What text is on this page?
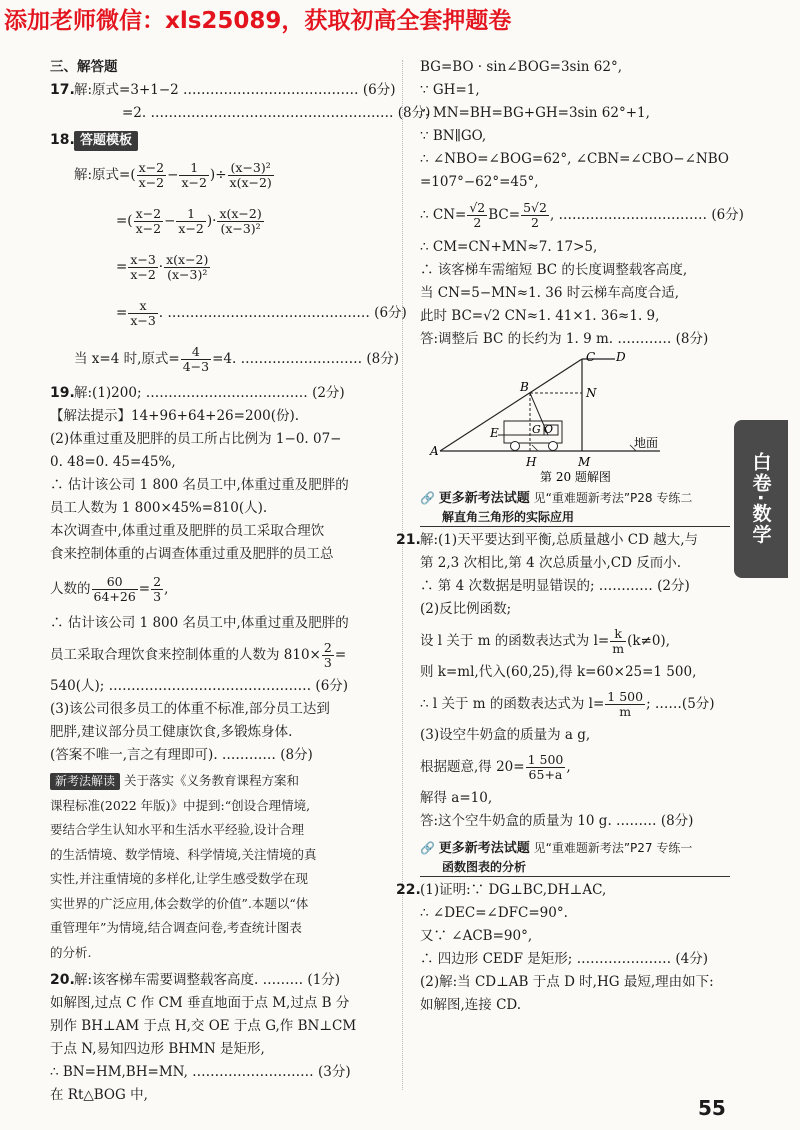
添加老师微信：xls25089，获取初高全套押题卷
三、解答题
17. 解:原式=3+1−2 ………………………………… (6分)
=2. ……………………………………………… (8分)
18. 答题模板
解:原式=( $\frac{x-2}{x-2} - \frac{1}{x-2}$ )÷ $\frac{\text{(x−3)²}}{x(x-2)}$
=( $\frac{x-2}{x-2} - \frac{1}{x-2}$ )· $\frac{x(x-2)}{\text{(x−3)²}}$
= $\frac{x-3}{x-2} \cdot \frac{x(x-2)}{\text{(x−3)²}}$
= $\frac{x}{x-3}$ . ……………………………………… (6分)
当 x=4 时,原式= $\frac{4}{4-3} =4$. ……………………… (8分)
19. 解:(1)200; ……………………………… (2分)
【解法提示】14+96+64+26=200(份).
(2)体重过重及肥胖的员工所占比例为 1−0. 07−
0. 48=0. 45=45%,
∴ 估计该公司 1 800 名员工中,体重过重及肥胖的
员工人数为 1 800×45%=810(人).
本次调查中,体重过重及肥胖的员工采取合理饮
食来控制体重的占调查体重过重及肥胖的员工总
人数的 $\frac{60}{64+26} = \frac{2}{3}$ ,
∴ 估计该公司 1 800 名员工中,体重过重及肥胖的
员工采取合理饮食来控制体重的人数为 $810\times \frac{2}{3}$ =
540(人); ……………………………………… (6分)
(3)该公司很多员工的体重不标准,部分员工达到
肥胖,建议部分员工健康饮食,多锻炼身体.
(答案不唯一,言之有理即可). ………… (8分)
新考法解读 关于落实《义务教育课程方案和
课程标准(2022 年版)》中提到:“创设合理情境,
要结合学生认知水平和生活水平经验,设计合理
的生活情境、数学情境、科学情境,关注情境的真
实性,并注重情境的多样化,让学生感受数学在现
实世界的广泛应用,体会数学的价值”.本题以“体
重管理年”为情境,结合调查问卷,考查统计图表
的分析.
20. 解:该客梯车需要调整载客高度. ……… (1分)
如解图,过点 C 作 CM 垂直地面于点 M,过点 B 分
别作 BH⊥AM 于点 H,交 OE 于点 G,作 BN⊥CM
于点 N,易知四边形 BHMN 是矩形,
∴ BN=HM,BH=MN, ……………………… (3分)
在 Rt△BOG 中,
BG=BO · sin∠BOG=3sin 62°,
∵ GH=1,
∴ MN=BH=BG+GH=3sin 62°+1,
∵ BN∥GO,
∴ ∠NBO=∠BOG=62°, ∠CBN=∠CBO−∠NBO
=107°−62°=45°,
∴ $CN= \frac{√2}{2} BC= \frac{5√2}{2}$ , …………………………… (6分)
∴ CM=CN+MN≈7. 17>5,
∴ 该客梯车需缩短 BC 的长度调整载客高度,
当 CN=5−MN≈1. 36 时云梯车高度合适,
此时 BC=√2 CN≈1. 41×1. 36≈1. 9,
答:调整后 BC 的长约为 1. 9 m. ………… (8分)
C D
B	N
E	G O
A
H	M
地面
第 20 题解图
🔗 更多新考法试题 见“重难题新考法”P28 专练二
解直角三角形的实际应用
21. 解:(1)天平要达到平衡,总质量越小 CD 越大,与
第 2,3 次相比,第 4 次总质量小,CD 反而小.
∴ 第 4 次数据是明显错误的; ………… (2分)
(2)反比例函数;
设 l 关于 m 的函数表达式为 $l= \frac{k}{m} (k\ne 0)$,
则 k=ml,代入(60,25),得 k=60×25=1 500,
∴ l 关于 m 的函数表达式为 $l= \frac{1 500}{m}$ ; ……(5分)
(3)设空牛奶盒的质量为 a g,
根据题意,得 $20= \frac{1 500}{65+a}$ ,
解得 a=10,
答:这个空牛奶盒的质量为 10 g. ……… (8分)
🔗 更多新考法试题 见“重难题新考法”P27 专练一
函数图表的分析
22. (1)证明:∵ DG⊥BC,DH⊥AC,
∴ ∠DEC=∠DFC=90°.
又∵ ∠ACB=90°,
∴ 四边形 CEDF 是矩形; ………………… (4分)
(2)解:当 CD⊥AB 于点 D 时,HG 最短,理由如下:
如解图,连接 CD.
白卷·数学
55
